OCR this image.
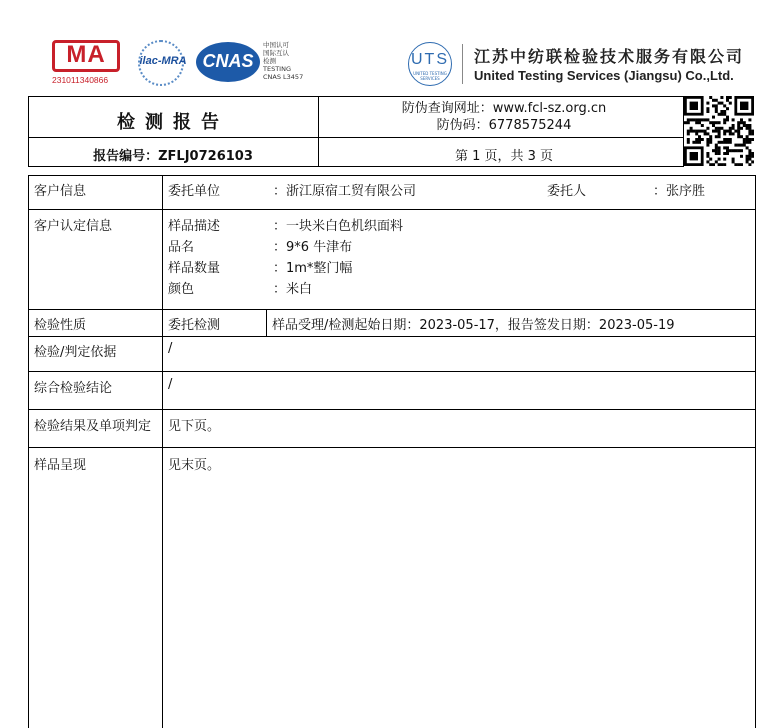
MA
231011340866
ilac-MRA CNAS
中国认可
国际互认
检测
TESTING
CNAS L3457
UTS
UNITED TESTING SERVICES
江苏中纺联检验技术服务有限公司
United Testing Services (Jiangsu) Co.,Ltd.
检测报告
防伪查询网址：www.fcl-sz.org.cn
防伪码：6778575244
报告编号：ZFLJ0726103	第 1 页，共 3 页
客户信息	委托单位	：浙江原宿工贸有限公司	委托人	：张序胜
客户认定信息	样品描述	：一块米白色机织面料
品名	：9*6 牛津布
样品数量	：1m*整门幅
颜色	：米白
检验性质	委托检测	样品受理/检测起始日期：2023-05-17，报告签发日期：2023-05-19
检验/判定依据	/
综合检验结论	/
检验结果及单项判定 见下页。
样品呈现	见末页。
